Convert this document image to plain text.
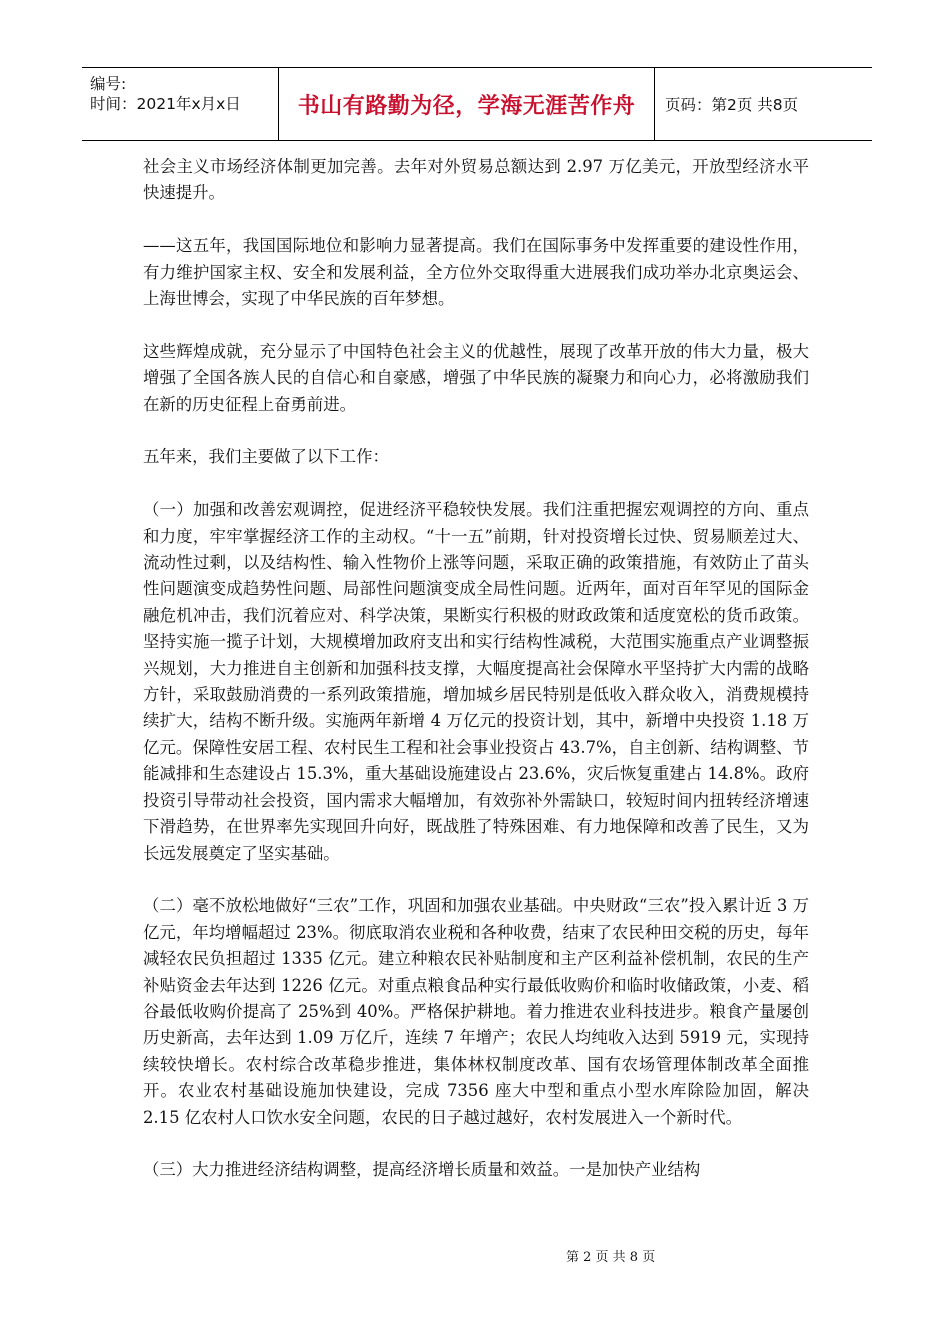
编号:
时间：2021年x月x日	书山有路勤为径，学海无涯苦作舟 页码：第2页 共8页

社会主义市场经济体制更加完善。去年对外贸易总额达到 2.97 万亿美元，开放型经济水平快速提升。

——这五年，我国国际地位和影响力显著提高。我们在国际事务中发挥重要的建设性作用，有力维护国家主权、安全和发展利益，全方位外交取得重大进展我们成功举办北京奥运会、上海世博会，实现了中华民族的百年梦想。

这些辉煌成就，充分显示了中国特色社会主义的优越性，展现了改革开放的伟大力量，极大增强了全国各族人民的自信心和自豪感，增强了中华民族的凝聚力和向心力，必将激励我们在新的历史征程上奋勇前进。

五年来，我们主要做了以下工作：

（一）加强和改善宏观调控，促进经济平稳较快发展。我们注重把握宏观调控的方向、重点和力度，牢牢掌握经济工作的主动权。“十一五”前期，针对投资增长过快、贸易顺差过大、流动性过剩，以及结构性、输入性物价上涨等问题，采取正确的政策措施，有效防止了苗头性问题演变成趋势性问题、局部性问题演变成全局性问题。近两年，面对百年罕见的国际金融危机冲击，我们沉着应对、科学决策，果断实行积极的财政政策和适度宽松的货币政策。坚持实施一揽子计划，大规模增加政府支出和实行结构性减税，大范围实施重点产业调整振兴规划，大力推进自主创新和加强科技支撑，大幅度提高社会保障水平坚持扩大内需的战略方针，采取鼓励消费的一系列政策措施，增加城乡居民特别是低收入群众收入，消费规模持续扩大，结构不断升级。实施两年新增 4 万亿元的投资计划，其中，新增中央投资 1.18 万亿元。保障性安居工程、农村民生工程和社会事业投资占 43.7%，自主创新、结构调整、节能减排和生态建设占 15.3%，重大基础设施建设占 23.6%，灾后恢复重建占 14.8%。政府投资引导带动社会投资，国内需求大幅增加，有效弥补外需缺口，较短时间内扭转经济增速下滑趋势，在世界率先实现回升向好，既战胜了特殊困难、有力地保障和改善了民生，又为长远发展奠定了坚实基础。

（二）毫不放松地做好“三农”工作，巩固和加强农业基础。中央财政“三农”投入累计近 3 万亿元，年均增幅超过 23%。彻底取消农业税和各种收费，结束了农民种田交税的历史，每年减轻农民负担超过 1335 亿元。建立种粮农民补贴制度和主产区利益补偿机制，农民的生产补贴资金去年达到 1226 亿元。对重点粮食品种实行最低收购价和临时收储政策，小麦、稻谷最低收购价提高了 25%到 40%。严格保护耕地。着力推进农业科技进步。粮食产量屡创历史新高，去年达到 1.09 万亿斤，连续 7 年增产；农民人均纯收入达到 5919 元，实现持续较快增长。农村综合改革稳步推进，集体林权制度改革、国有农场管理体制改革全面推开。农业农村基础设施加快建设，完成 7356 座大中型和重点小型水库除险加固，解决 2.15 亿农村人口饮水安全问题，农民的日子越过越好，农村发展进入一个新时代。

（三）大力推进经济结构调整，提高经济增长质量和效益。一是加快产业结构

第 2 页 共 8 页
